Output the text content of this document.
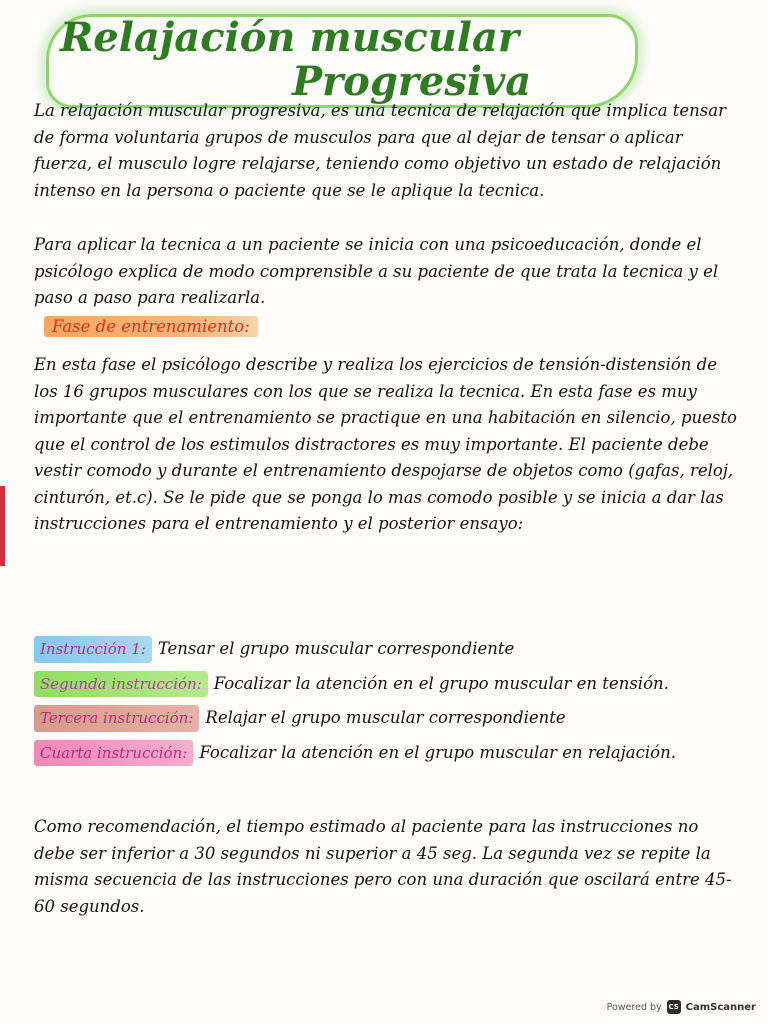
Relajación muscular
Progresiva

La relajación muscular progresiva, es una tecnica de relajación que implica tensar de forma voluntaria grupos de musculos para que al dejar de tensar o aplicar fuerza, el musculo logre relajarse, teniendo como objetivo un estado de relajación intenso en la persona o paciente que se le aplique la tecnica.

Para aplicar la tecnica a un paciente se inicia con una psicoeducación, donde el psicólogo explica de modo comprensible a su paciente de que trata la tecnica y el paso a paso para realizarla.

Fase de entrenamiento:

En esta fase el psicólogo describe y realiza los ejercicios de tensión-distensión de los 16 grupos musculares con los que se realiza la tecnica. En esta fase es muy importante que el entrenamiento se practique en una habitación en silencio, puesto que el control de los estimulos distractores es muy importante. El paciente debe vestir comodo y durante el entrenamiento despojarse de objetos como (gafas, reloj, cinturón, et.c). Se le pide que se ponga lo mas comodo posible y se inicia a dar las instrucciones para el entrenamiento y el posterior ensayo:

Instrucción 1: Tensar el grupo muscular correspondiente
Segunda instrucción: Focalizar la atención en el grupo muscular en tensión.
Tercera instrucción: Relajar el grupo muscular correspondiente
Cuarta instrucción: Focalizar la atención en el grupo muscular en relajación.

Como recomendación, el tiempo estimado al paciente para las instrucciones no debe ser inferior a 30 segundos ni superior a 45 seg. La segunda vez se repite la misma secuencia de las instrucciones pero con una duración que oscilará entre 45-60 segundos.

Powered by CS CamScanner
